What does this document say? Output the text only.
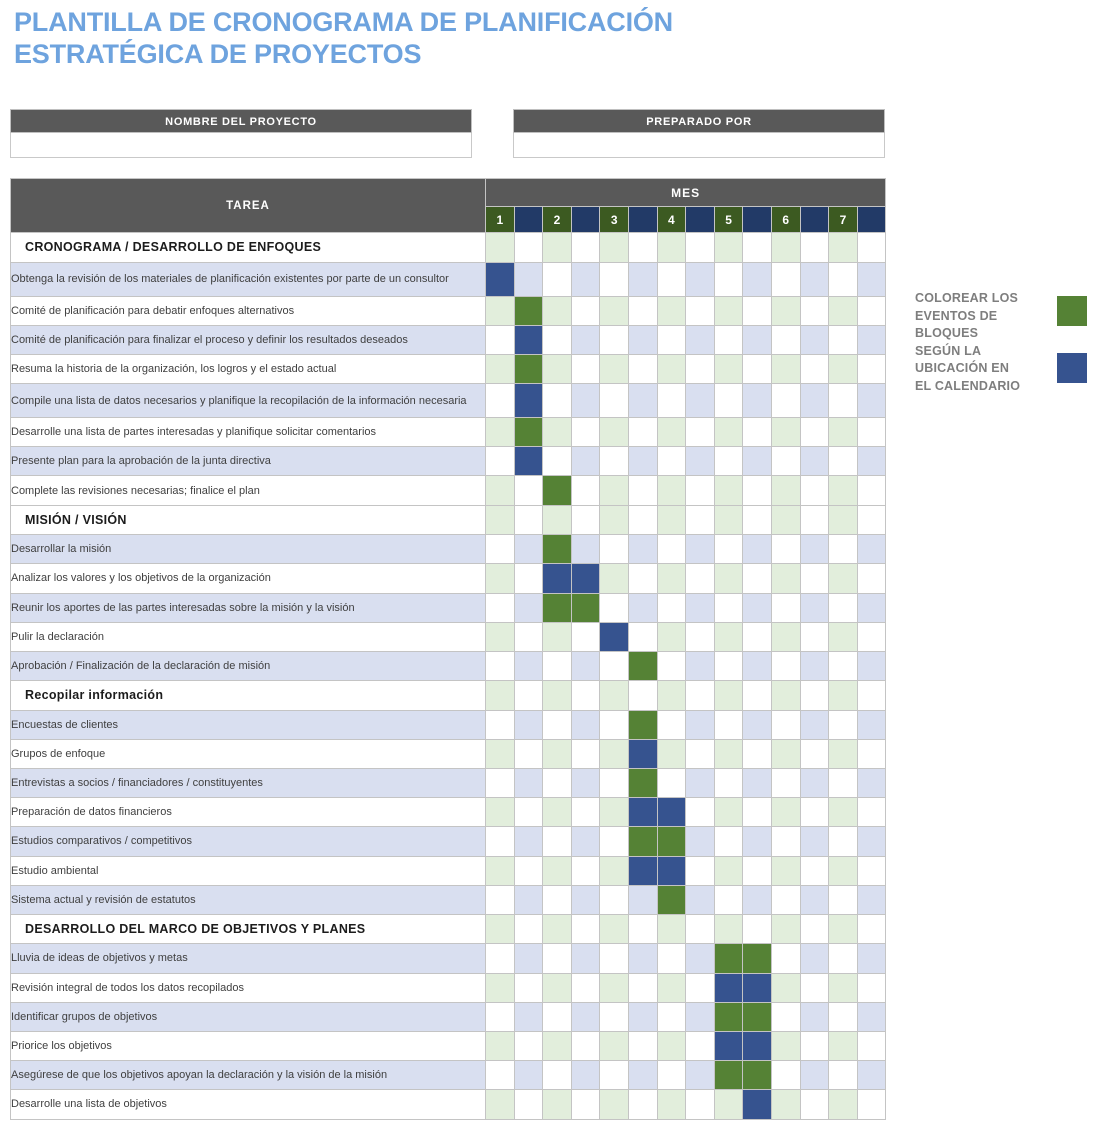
PLANTILLA DE CRONOGRAMA DE PLANIFICACIÓN ESTRATÉGICA DE PROYECTOS
NOMBRE DEL PROYECTO	PREPARADO POR
TAREA	MES													
	1		2		3		4		5		6		7	
CRONOGRAMA / DESARROLLO DE ENFOQUES														
Obtenga la revisión de los materiales de planificación existentes por parte de un consultor														
Comité de planificación para debatir enfoques alternativos														
Comité de planificación para finalizar el proceso y definir los resultados deseados														
Resuma la historia de la organización, los logros y el estado actual														
Compile una lista de datos necesarios y planifique la recopilación de la información necesaria														
Desarrolle una lista de partes interesadas y planifique solicitar comentarios														
Presente plan para la aprobación de la junta directiva														
Complete las revisiones necesarias; finalice el plan														
MISIÓN / VISIÓN														
Desarrollar la misión														
Analizar los valores y los objetivos de la organización														
Reunir los aportes de las partes interesadas sobre la misión y la visión														
Pulir la declaración														
Aprobación / Finalización de la declaración de misión														
Recopilar información														
Encuestas de clientes														
Grupos de enfoque														
Entrevistas a socios / financiadores / constituyentes														
Preparación de datos financieros														
Estudios comparativos / competitivos														
Estudio ambiental														
Sistema actual y revisión de estatutos														
DESARROLLO DEL MARCO DE OBJETIVOS Y PLANES														
Lluvia de ideas de objetivos y metas														
Revisión integral de todos los datos recopilados														
Identificar grupos de objetivos														
Priorice los objetivos														
Asegúrese de que los objetivos apoyan la declaración y la visión de la misión														
Desarrolle una lista de objetivos														
COLOREAR LOS EVENTOS DE BLOQUES SEGÚN LA UBICACIÓN EN EL CALENDARIO
